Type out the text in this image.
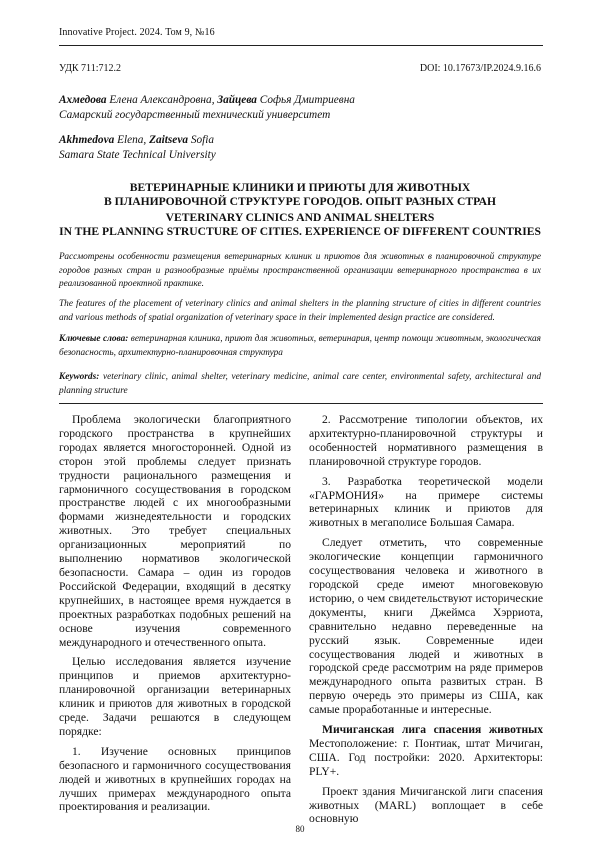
Innovative Project. 2024. Том 9, №16
УДК 711:712.2	DOI: 10.17673/IP.2024.9.16.6
Ахмедова Елена Александровна, Зайцева Софья Дмитриевна
Самарский государственный технический университет
Akhmedova Elena, Zaitseva Sofia
Samara State Technical University
ВЕТЕРИНАРНЫЕ КЛИНИКИ И ПРИЮТЫ ДЛЯ ЖИВОТНЫХ
В ПЛАНИРОВОЧНОЙ СТРУКТУРЕ ГОРОДОВ. ОПЫТ РАЗНЫХ СТРАН
VETERINARY CLINICS AND ANIMAL SHELTERS
IN THE PLANNING STRUCTURE OF CITIES. EXPERIENCE OF DIFFERENT COUNTRIES
Рассмотрены особенности размещения ветеринарных клиник и приютов для животных в планировочной структуре городов разных стран и разнообразные приёмы пространственной организации ветеринарного пространства в их реализованной проектной практике.
The features of the placement of veterinary clinics and animal shelters in the planning structure of cities in different countries and various methods of spatial organization of veterinary space in their implemented design practice are considered.
Ключевые слова: ветеринарная клиника, приют для животных, ветеринария, центр помощи животным, экологическая безопасность, архитектурно-планировочная структура
Keywords: veterinary clinic, animal shelter, veterinary medicine, animal care center, environmental safety, architectural and planning structure

Проблема экологически благоприятного городского пространства в крупнейших городах является многосторонней. Одной из сторон этой проблемы следует признать трудности рационального размещения и гармоничного сосуществования в городском пространстве людей с их многообразными формами жизнедеятельности и городских животных. Это требует специальных организационных мероприятий по выполнению нормативов экологической безопасности. Самара – один из городов Российской Федерации, входящий в десятку крупнейших, в настоящее время нуждается в проектных разработках подобных решений на основе изучения современного международного и отечественного опыта.

Целью исследования является изучение принципов и приемов архитектурно- планировочной организации ветеринарных клиник и приютов для животных в городской среде. Задачи решаются в следующем порядке:

1. Изучение основных принципов безопасного и гармоничного сосуществования людей и животных в крупнейших городах на лучших примерах международного опыта проектирования и реализации.

2. Рассмотрение типологии объектов, их архитектурно-планировочной структуры и особенностей нормативного размещения в планировочной структуре городов.

3. Разработка теоретической модели «ГАРМОНИЯ» на примере системы ветеринарных клиник и приютов для животных в мегаполисе Большая Самара.

Следует отметить, что современные экологические концепции гармоничного сосуществования человека и животного в городской среде имеют многовековую историю, о чем свидетельствуют исторические документы, книги Джеймса Хэрриота, сравнительно недавно переведенные на русский язык. Современные идеи сосуществования людей и животных в городской среде рассмотрим на ряде примеров международного опыта развитых стран. В первую очередь это примеры из США, как самые проработанные и интересные.

Мичиганская лига спасения животных Местоположение: г. Понтиак, штат Мичиган, США. Год постройки: 2020. Архитекторы: PLY+.

Проект здания Мичиганской лиги спасения животных (MARL) воплощает в себе основную

80
